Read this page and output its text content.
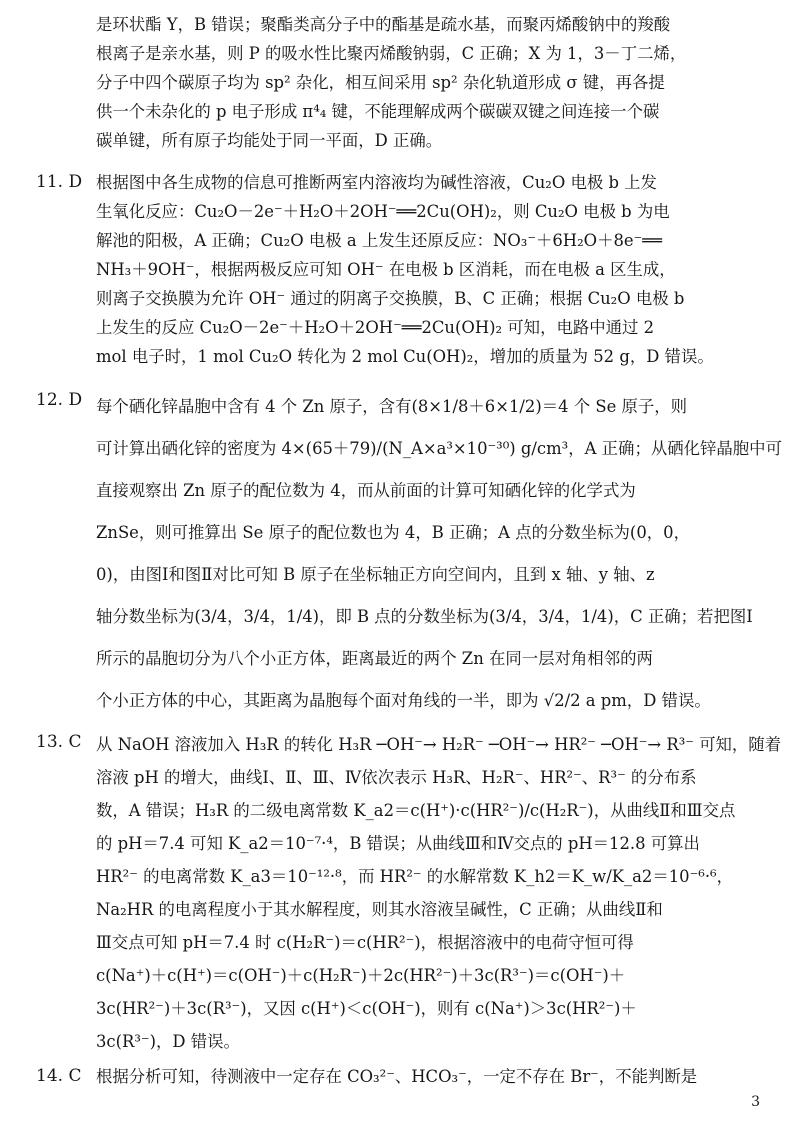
是环状酯 Y，B 错误；聚酯类高分子中的酯基是疏水基，而聚丙烯酸钠中的羧酸
根离子是亲水基，则 P 的吸水性比聚丙烯酸钠弱，C 正确；X 为 1，3－丁二烯，
分子中四个碳原子均为 sp² 杂化，相互间采用 sp² 杂化轨道形成 σ 键，再各提
供一个未杂化的 p 电子形成 π⁴₄ 键，不能理解成两个碳碳双键之间连接一个碳
碳单键，所有原子均能处于同一平面，D 正确。
11. D 根据图中各生成物的信息可推断两室内溶液均为碱性溶液，Cu₂O 电极 b 上发
生氧化反应：Cu₂O－2e⁻＋H₂O＋2OH⁻══2Cu(OH)₂，则 Cu₂O 电极 b 为电
解池的阳极，A 正确；Cu₂O 电极 a 上发生还原反应：NO₃⁻＋6H₂O＋8e⁻══
NH₃＋9OH⁻，根据两极反应可知 OH⁻ 在电极 b 区消耗，而在电极 a 区生成，
则离子交换膜为允许 OH⁻ 通过的阴离子交换膜，B、C 正确；根据 Cu₂O 电极 b
上发生的反应 Cu₂O－2e⁻＋H₂O＋2OH⁻══2Cu(OH)₂ 可知，电路中通过 2
mol 电子时，1 mol Cu₂O 转化为 2 mol Cu(OH)₂，增加的质量为 52 g，D 错误。
12. D 每个硒化锌晶胞中含有 4 个 Zn 原子，含有(8×1/8＋6×1/2)＝4 个 Se 原子，则
可计算出硒化锌的密度为 4×(65＋79)/(N_A×a³×10⁻³⁰) g/cm³，A 正确；从硒化锌晶胞中可
直接观察出 Zn 原子的配位数为 4，而从前面的计算可知硒化锌的化学式为
ZnSe，则可推算出 Se 原子的配位数也为 4，B 正确；A 点的分数坐标为(0，0，
0)，由图Ⅰ和图Ⅱ对比可知 B 原子在坐标轴正方向空间内，且到 x 轴、y 轴、z
轴分数坐标为(3/4，3/4，1/4)，即 B 点的分数坐标为(3/4，3/4，1/4)，C 正确；若把图Ⅰ
所示的晶胞切分为八个小正方体，距离最近的两个 Zn 在同一层对角相邻的两
个小正方体的中心，其距离为晶胞每个面对角线的一半，即为 √2/2 a pm，D 错误。
13. C 从 NaOH 溶液加入 H₃R 的转化 H₃R ─OH⁻→ H₂R⁻ ─OH⁻→ HR²⁻ ─OH⁻→ R³⁻ 可知，随着
溶液 pH 的增大，曲线Ⅰ、Ⅱ、Ⅲ、Ⅳ依次表示 H₃R、H₂R⁻、HR²⁻、R³⁻ 的分布系
数，A 错误；H₃R 的二级电离常数 K_a2＝c(H⁺)·c(HR²⁻)/c(H₂R⁻)，从曲线Ⅱ和Ⅲ交点
的 pH＝7.4 可知 K_a2＝10⁻⁷·⁴，B 错误；从曲线Ⅲ和Ⅳ交点的 pH＝12.8 可算出
HR²⁻ 的电离常数 K_a3＝10⁻¹²·⁸，而 HR²⁻ 的水解常数 K_h2＝K_w/K_a2＝10⁻⁶·⁶，
Na₂HR 的电离程度小于其水解程度，则其水溶液呈碱性，C 正确；从曲线Ⅱ和
Ⅲ交点可知 pH＝7.4 时 c(H₂R⁻)＝c(HR²⁻)，根据溶液中的电荷守恒可得
c(Na⁺)＋c(H⁺)＝c(OH⁻)＋c(H₂R⁻)＋2c(HR²⁻)＋3c(R³⁻)＝c(OH⁻)＋
3c(HR²⁻)＋3c(R³⁻)，又因 c(H⁺)＜c(OH⁻)，则有 c(Na⁺)＞3c(HR²⁻)＋
3c(R³⁻)，D 错误。
14. C 根据分析可知，待测液中一定存在 CO₃²⁻、HCO₃⁻，一定不存在 Br⁻，不能判断是
3
